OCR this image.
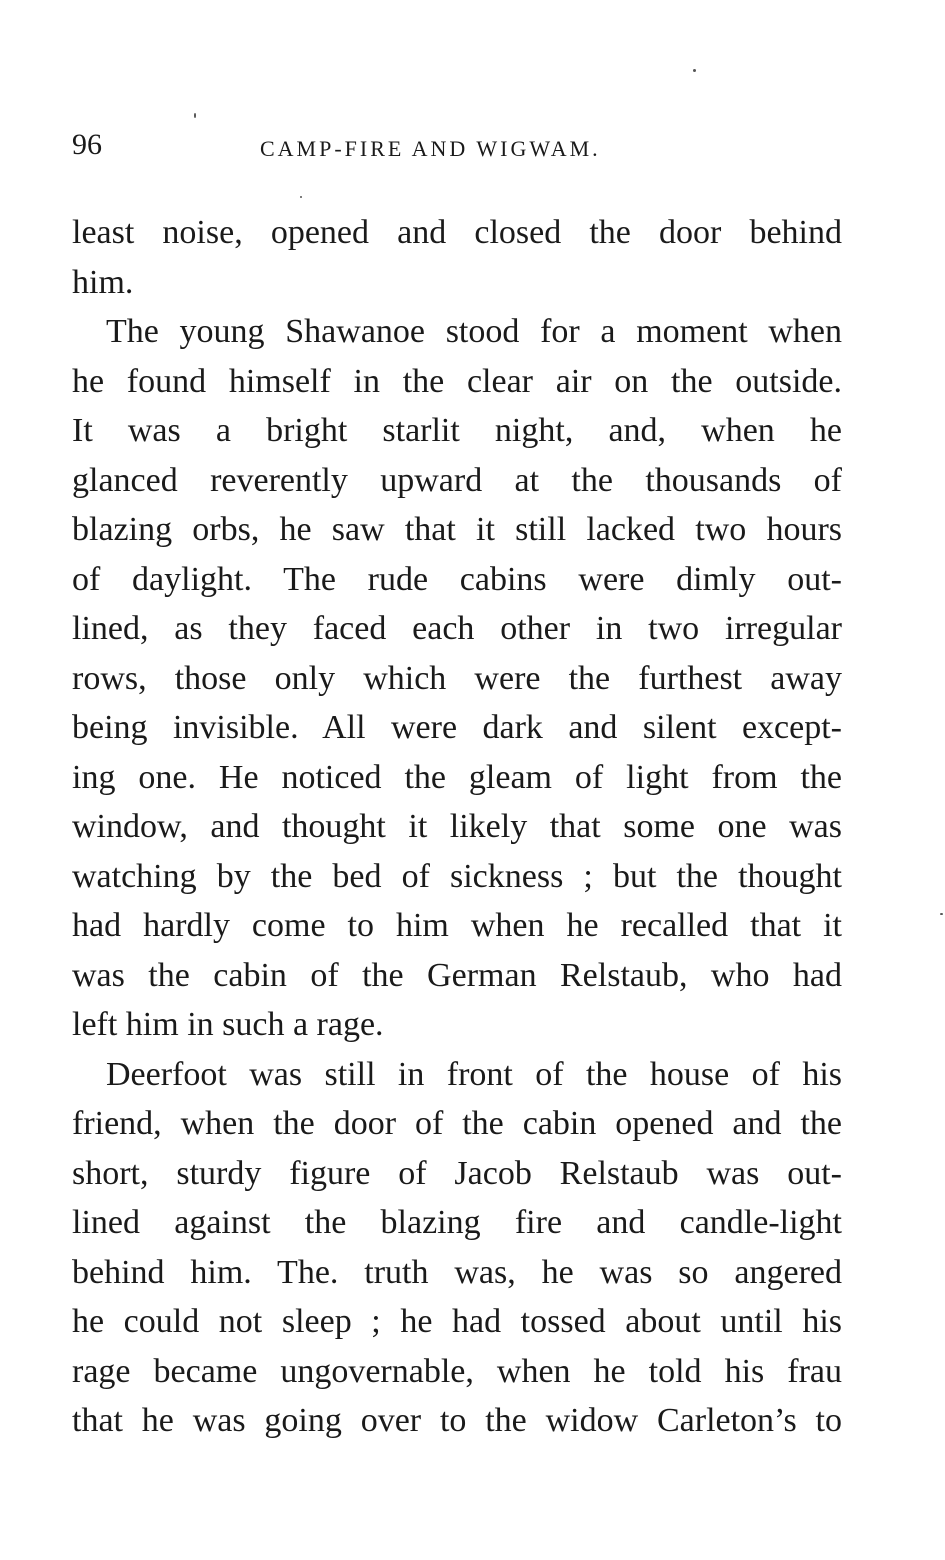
96	CAMP-FIRE AND WIGWAM.
least noise, opened and closed the door behind
him.
The young Shawanoe stood for a moment when
he found himself in the clear air on the outside.
It was a bright starlit night, and, when he
glanced reverently upward at the thousands of
blazing orbs, he saw that it still lacked two hours
of daylight. The rude cabins were dimly out-
lined, as they faced each other in two irregular
rows, those only which were the furthest away
being invisible. All were dark and silent except-
ing one. He noticed the gleam of light from the
window, and thought it likely that some one was
watching by the bed of sickness ; but the thought
had hardly come to him when he recalled that it
was the cabin of the German Relstaub, who had
left him in such a rage.
Deerfoot was still in front of the house of his
friend, when the door of the cabin opened and the
short, sturdy figure of Jacob Relstaub was out-
lined against the blazing fire and candle-light
behind him. The. truth was, he was so angered
he could not sleep ; he had tossed about until his
rage became ungovernable, when he told his frau
that he was going over to the widow Carleton’s to
